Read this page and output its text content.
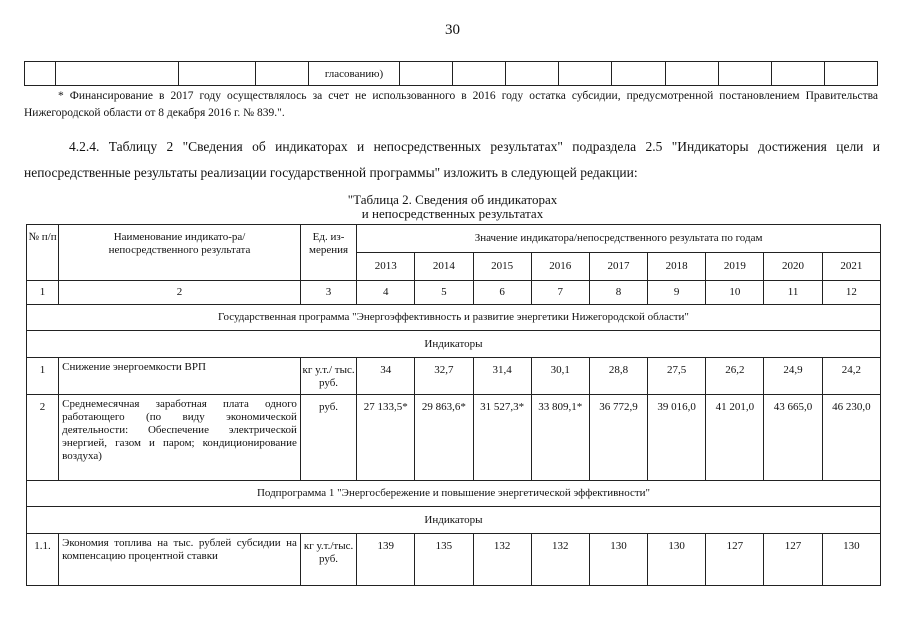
30
				гласованию)									
* Финансирование в 2017 году осуществлялось за счет не использованного в 2016 году остатка субсидии, предусмотренной постановлением Правительства Нижегородской области от 8 декабря 2016 г. № 839.".
4.2.4. Таблицу 2 "Сведения об индикаторах и непосредственных результатах" подраздела 2.5 "Индикаторы достижения цели и непосредственные результаты реализации государственной программы" изложить в следующей редакции:
"Таблица 2. Сведения об индикаторах
и непосредственных результатах
№ п/п	Наименование индикато-ра/непосредственного результата	Ед. из-мерения	Значение индикатора/непосредственного результата по годам								
			2013	2014	2015	2016	2017	2018	2019	2020	2021
1	2	3	4	5	6	7	8	9	10	11	12
Государственная программа "Энергоэффективность и развитие энергетики Нижегородской области"											
Индикаторы											
1	Снижение энергоемкости ВРП	кг у.т./ тыс. руб.	34	32,7	31,4	30,1	28,8	27,5	26,2	24,9	24,2
2	Среднемесячная заработная плата одного работающего (по виду экономической деятельности: Обеспечение электрической энергией, газом и паром; кондиционирование воздуха)	руб.	27 133,5*	29 863,6*	31 527,3*	33 809,1*	36 772,9	39 016,0	41 201,0	43 665,0	46 230,0
Подпрограмма 1 "Энергосбережение и повышение энергетической эффективности"											
Индикаторы											
1.1.	Экономия топлива на тыс. рублей субсидии на компенсацию процентной ставки	кг у.т./тыс. руб.	139	135	132	132	130	130	127	127	130
